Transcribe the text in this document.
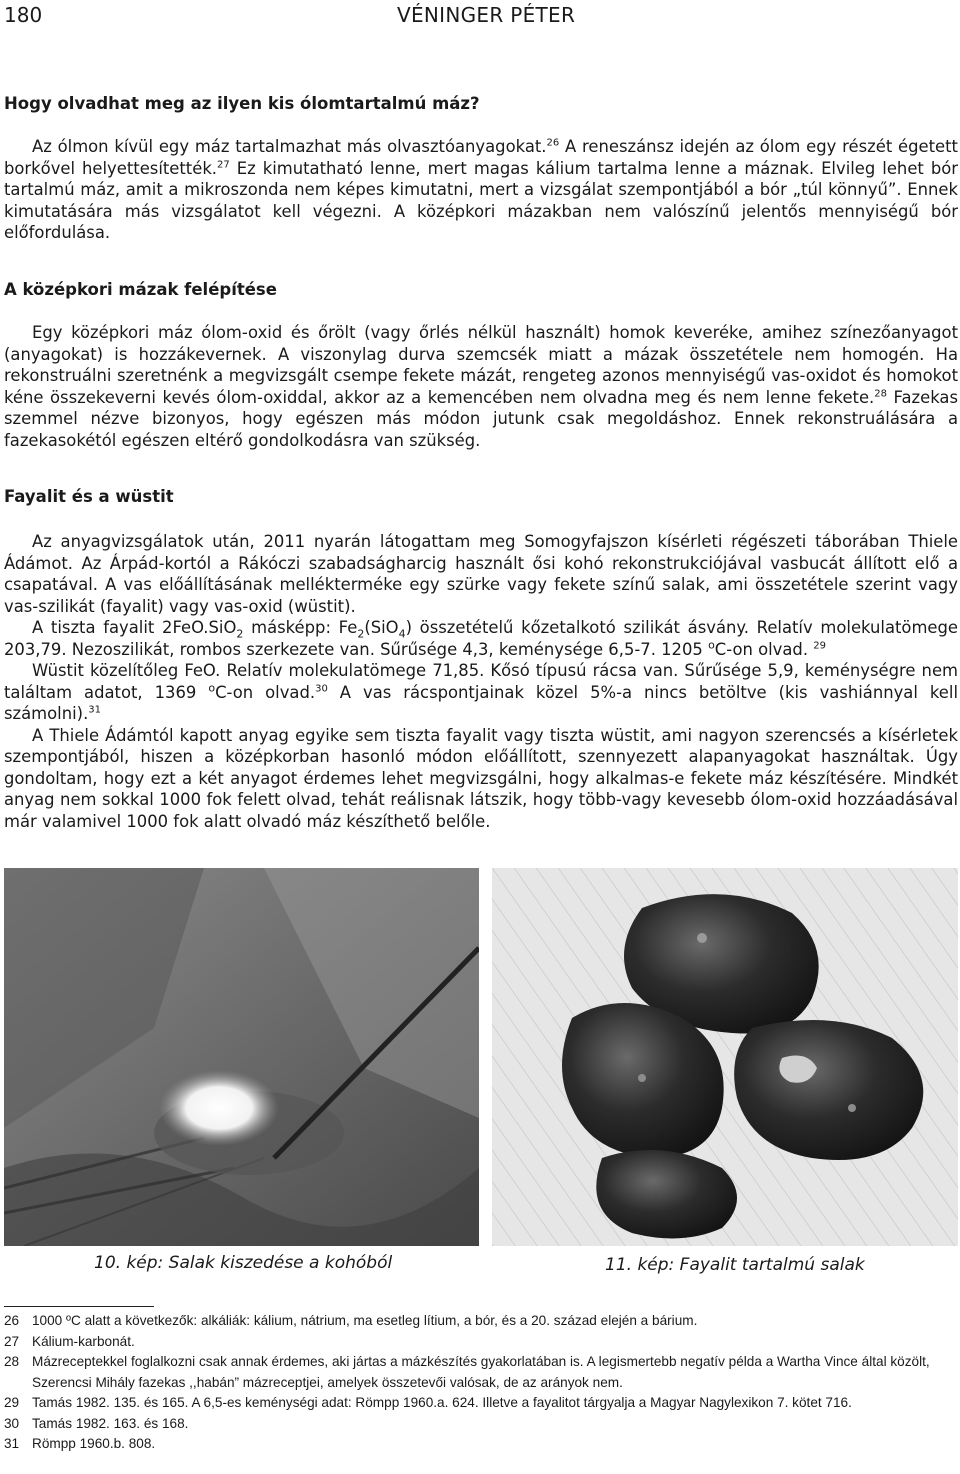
180	VÉNINGER PÉTER
Hogy olvadhat meg az ilyen kis ólomtartalmú máz?

Az ólmon kívül egy máz tartalmazhat más olvasztóanyagokat.$^{26}$ A reneszánsz idején az ólom egy részét égetett borkővel helyettesítették.$^{27}$ Ez kimutatható lenne, mert magas kálium tartalma lenne a máznak. Elvileg lehet bór tartalmú máz, amit a mikroszonda nem képes kimutatni, mert a vizsgálat szempontjából a bór „túl könnyű”. Ennek kimutatására más vizsgálatot kell végezni. A középkori mázakban nem valószínű jelentős mennyiségű bór előfordulása.

A középkori mázak felépítése

Egy középkori máz ólom-oxid és őrölt (vagy őrlés nélkül használt) homok keveréke, amihez színezőanyagot (anyagokat) is hozzákevernek. A viszonylag durva szemcsék miatt a mázak összetétele nem homogén. Ha rekonstruálni szeretnénk a megvizsgált csempe fekete mázát, rengeteg azonos mennyiségű vas-oxidot és homokot kéne összekeverni kevés ólom-oxiddal, akkor az a kemencében nem olvadna meg és nem lenne fekete.$^{28}$ Fazekas szemmel nézve bizonyos, hogy egészen más módon jutunk csak megoldáshoz. Ennek rekonstruálására a fazekasokétól egészen eltérő gondolkodásra van szükség.

Fayalit és a wüstit

Az anyagvizsgálatok után, 2011 nyarán látogattam meg Somogyfajszon kísérleti régészeti táborában Thiele Ádámot. Az Árpád-kortól a Rákóczi szabadságharcig használt ősi kohó rekonstrukciójával vasbucát állított elő a csapatával. A vas előállításának mellékterméke egy szürke vagy fekete színű salak, ami összetétele szerint vagy vas-szilikát (fayalit) vagy vas-oxid (wüstit).

A tiszta fayalit 2FeO.SiO$_2$ másképp: $Fe_2(SiO_4)$ összetételű kőzetalkotó szilikát ásvány. Relatív molekulatömege 203,79. Nezoszilikát, rombos szerkezete van. Sűrűsége 4,3, keménysége 6,5-7. 1205 $^o$C-on olvad. $^{29}$

Wüstit közelítőleg FeO. Relatív molekulatömege 71,85. Kősó típusú rácsa van. Sűrűsége 5,9, keménységre nem találtam adatot, 1369 $^o$C-on olvad.$^{30}$ A vas rácspontjainak közel 5%-a nincs betöltve (kis vashiánnyal kell számolni).$^{31}$

A Thiele Ádámtól kapott anyag egyike sem tiszta fayalit vagy tiszta wüstit, ami nagyon szerencsés a kísérletek szempontjából, hiszen a középkorban hasonló módon előállított, szennyezett alapanyagokat használtak. Úgy gondoltam, hogy ezt a két anyagot érdemes lehet megvizsgálni, hogy alkalmas-e fekete máz készítésére. Mindkét anyag nem sokkal 1000 fok felett olvad, tehát reálisnak látszik, hogy több-vagy kevesebb ólom-oxid hozzáadásával már valamivel 1000 fok alatt olvadó máz készíthető belőle.

10. kép: Salak kiszedése a kohóból	11. kép: Fayalit tartalmú salak
26 1000 ºC alatt a következők: alkáliák: kálium, nátrium, ma esetleg lítium, a bór, és a 20. század elején a bárium.
27 Kálium-karbonát.
28 Mázreceptekkel foglalkozni csak annak érdemes, aki jártas a mázkészítés gyakorlatában is. A legismertebb negatív példa a Wartha Vince által közölt, Szerencsi Mihály fazekas ,,habán” mázreceptjei, amelyek összetevői valósak, de az arányok nem.
29 Tamás 1982. 135. és 165. A 6,5-es keménységi adat: Römpp 1960.a. 624. Illetve a fayalitot tárgyalja a Magyar Nagylexikon 7. kötet 716.
30 Tamás 1982. 163. és 168.
31 Römpp 1960.b. 808.
